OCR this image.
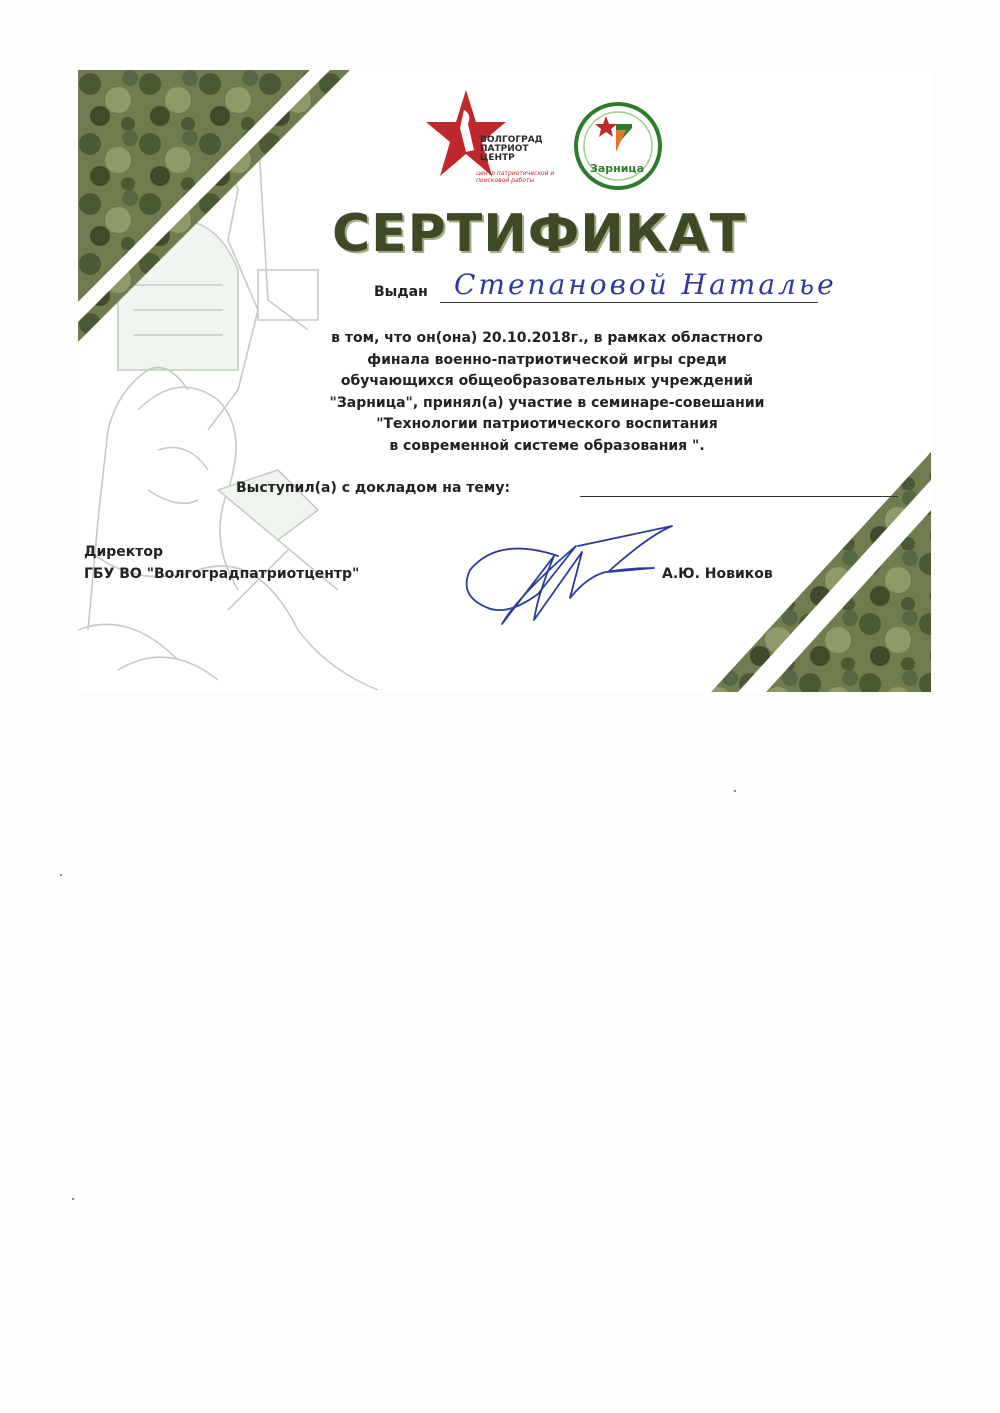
ВОЛГОГРАД
ПАТРИОТ
ЦЕНТР
центр патриотической и поисковой работы
Зарница
СЕРТИФИКАТ
Выдан Степановой Наталье
в том, что он(она) 20.10.2018г., в рамках областного
финала военно-патриотической игры среди
обучающихся общеобразовательных учреждений
"Зарница", принял(а) участие в семинаре-совешании
"Технологии патриотического воспитания
в современной системе образования ".
Выступил(а) с докладом на тему:
Директор
ГБУ ВО "Волгоградпатриотцентр"	А.Ю. Новиков
